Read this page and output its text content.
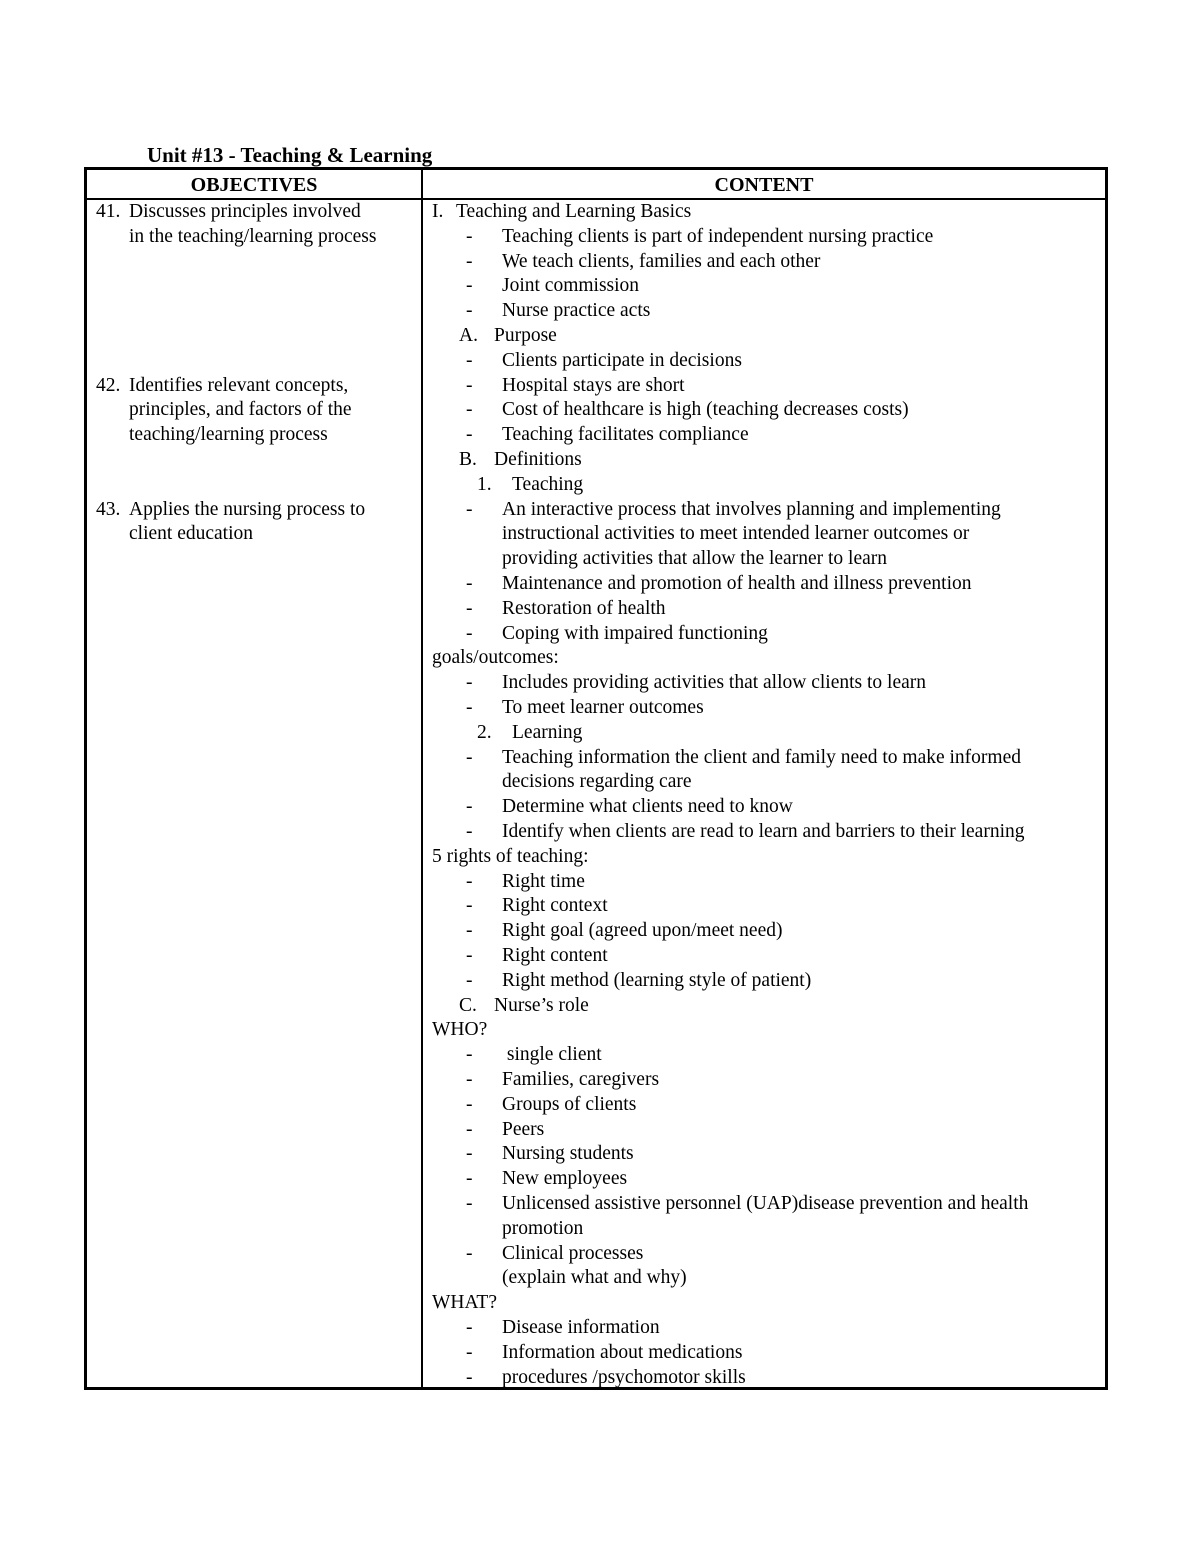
Unit #13 - Teaching & Learning
OBJECTIVES	CONTENT
41. Discusses principles involved
in the teaching/learning process
42. Identifies relevant concepts,
principles, and factors of the
teaching/learning process
43. Applies the nursing process to
client education
I. Teaching and Learning Basics
- Teaching clients is part of independent nursing practice
- We teach clients, families and each other
- Joint commission
- Nurse practice acts
A. Purpose
- Clients participate in decisions
- Hospital stays are short
- Cost of healthcare is high (teaching decreases costs)
- Teaching facilitates compliance
B. Definitions
1. Teaching
- An interactive process that involves planning and implementing
instructional activities to meet intended learner outcomes or
providing activities that allow the learner to learn
- Maintenance and promotion of health and illness prevention
- Restoration of health
- Coping with impaired functioning
goals/outcomes:
- Includes providing activities that allow clients to learn
- To meet learner outcomes
2. Learning
- Teaching information the client and family need to make informed
decisions regarding care
- Determine what clients need to know
- Identify when clients are read to learn and barriers to their learning
5 rights of teaching:
- Right time
- Right context
- Right goal (agreed upon/meet need)
- Right content
- Right method (learning style of patient)
C. Nurse’s role
WHO?
- single client
- Families, caregivers
- Groups of clients
- Peers
- Nursing students
- New employees
- Unlicensed assistive personnel (UAP)disease prevention and health
promotion
- Clinical processes
(explain what and why)
WHAT?
- Disease information
- Information about medications
- procedures /psychomotor skills
